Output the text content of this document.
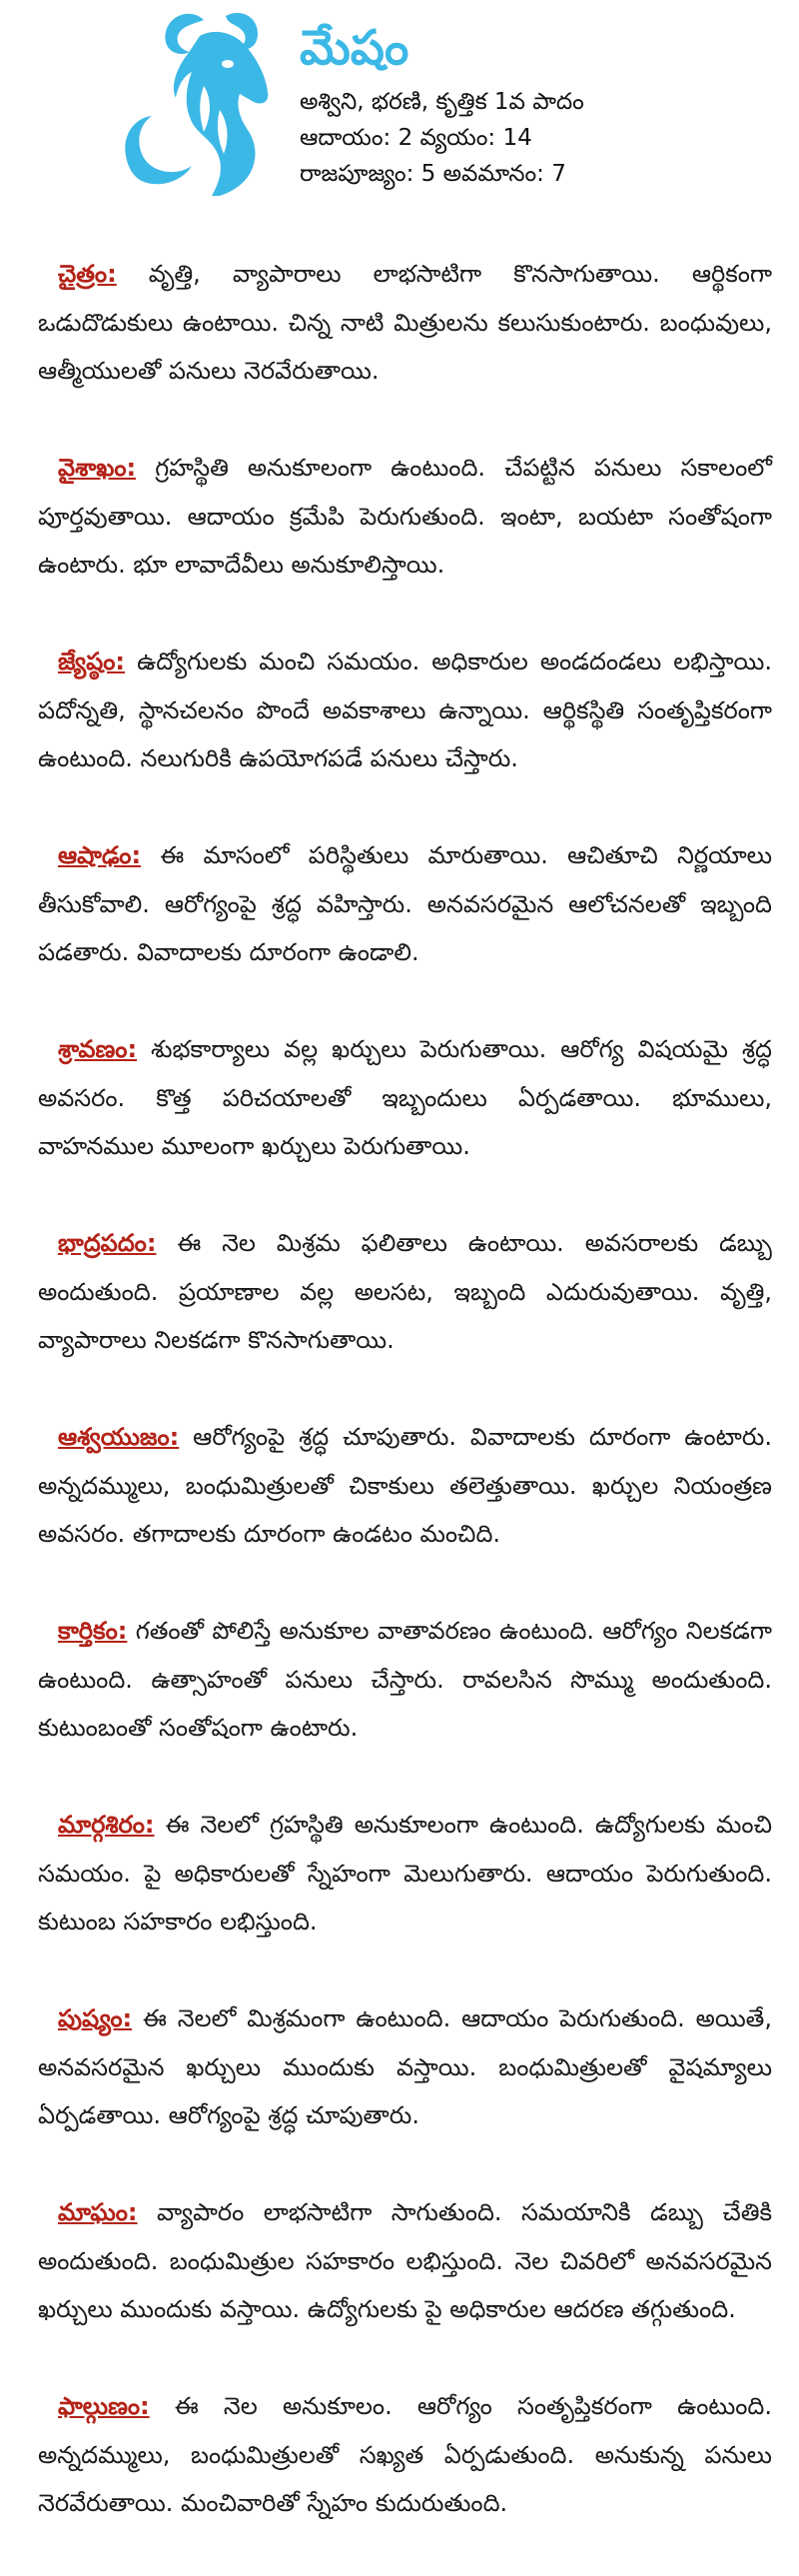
మేషం
అశ్విని, భరణి, కృత్తిక 1వ పాదం
ఆదాయం: 2 వ్యయం: 14
రాజపూజ్యం: 5 అవమానం: 7

చైత్రం: వృత్తి, వ్యాపారాలు లాభసాటిగా కొనసాగుతాయి. ఆర్థికంగా ఒడుదొడుకులు ఉంటాయి. చిన్న నాటి మిత్రులను కలుసుకుంటారు. బంధువులు, ఆత్మీయులతో పనులు నెరవేరుతాయి.

వైశాఖం: గ్రహస్థితి అనుకూలంగా ఉంటుంది. చేపట్టిన పనులు సకాలంలో పూర్తవుతాయి. ఆదాయం క్రమేపి పెరుగుతుంది. ఇంటా, బయటా సంతోషంగా ఉంటారు. భూ లావాదేవీలు అనుకూలిస్తాయి.

జ్యేష్ఠం: ఉద్యోగులకు మంచి సమయం. అధికారుల అండదండలు లభిస్తాయి. పదోన్నతి, స్థానచలనం పొందే అవకాశాలు ఉన్నాయి. ఆర్థికస్థితి సంతృప్తికరంగా ఉంటుంది. నలుగురికి ఉపయోగపడే పనులు చేస్తారు.

ఆషాఢం: ఈ మాసంలో పరిస్థితులు మారుతాయి. ఆచితూచి నిర్ణయాలు తీసుకోవాలి. ఆరోగ్యంపై శ్రద్ధ వహిస్తారు. అనవసరమైన ఆలోచనలతో ఇబ్బంది పడతారు. వివాదాలకు దూరంగా ఉండాలి.

శ్రావణం: శుభకార్యాలు వల్ల ఖర్చులు పెరుగుతాయి. ఆరోగ్య విషయమై శ్రద్ధ అవసరం. కొత్త పరిచయాలతో ఇబ్బందులు ఏర్పడతాయి. భూములు, వాహనముల మూలంగా ఖర్చులు పెరుగుతాయి.

భాద్రపదం: ఈ నెల మిశ్రమ ఫలితాలు ఉంటాయి. అవసరాలకు డబ్బు అందుతుంది. ప్రయాణాల వల్ల అలసట, ఇబ్బంది ఎదురువుతాయి. వృత్తి, వ్యాపారాలు నిలకడగా కొనసాగుతాయి.

ఆశ్వయుజం: ఆరోగ్యంపై శ్రద్ధ చూపుతారు. వివాదాలకు దూరంగా ఉంటారు. అన్నదమ్ములు, బంధుమిత్రులతో చికాకులు తలెత్తుతాయి. ఖర్చుల నియంత్రణ అవసరం. తగాదాలకు దూరంగా ఉండటం మంచిది.

కార్తికం: గతంతో పోలిస్తే అనుకూల వాతావరణం ఉంటుంది. ఆరోగ్యం నిలకడగా ఉంటుంది. ఉత్సాహంతో పనులు చేస్తారు. రావలసిన సొమ్ము అందుతుంది. కుటుంబంతో సంతోషంగా ఉంటారు.

మార్గశిరం: ఈ నెలలో గ్రహస్థితి అనుకూలంగా ఉంటుంది. ఉద్యోగులకు మంచి సమయం. పై అధికారులతో స్నేహంగా మెలుగుతారు. ఆదాయం పెరుగుతుంది. కుటుంబ సహకారం లభిస్తుంది.

పుష్యం: ఈ నెలలో మిశ్రమంగా ఉంటుంది. ఆదాయం పెరుగుతుంది. అయితే, అనవసరమైన ఖర్చులు ముందుకు వస్తాయి. బంధుమిత్రులతో వైషమ్యాలు ఏర్పడతాయి. ఆరోగ్యంపై శ్రద్ధ చూపుతారు.

మాఘం: వ్యాపారం లాభసాటిగా సాగుతుంది. సమయానికి డబ్బు చేతికి అందుతుంది. బంధుమిత్రుల సహకారం లభిస్తుంది. నెల చివరిలో అనవసరమైన ఖర్చులు ముందుకు వస్తాయి. ఉద్యోగులకు పై అధికారుల ఆదరణ తగ్గుతుంది.

ఫాల్గుణం: ఈ నెల అనుకూలం. ఆరోగ్యం సంతృప్తికరంగా ఉంటుంది. అన్నదమ్ములు, బంధుమిత్రులతో సఖ్యత ఏర్పడుతుంది. అనుకున్న పనులు నెరవేరుతాయి. మంచివారితో స్నేహం కుదురుతుంది.
